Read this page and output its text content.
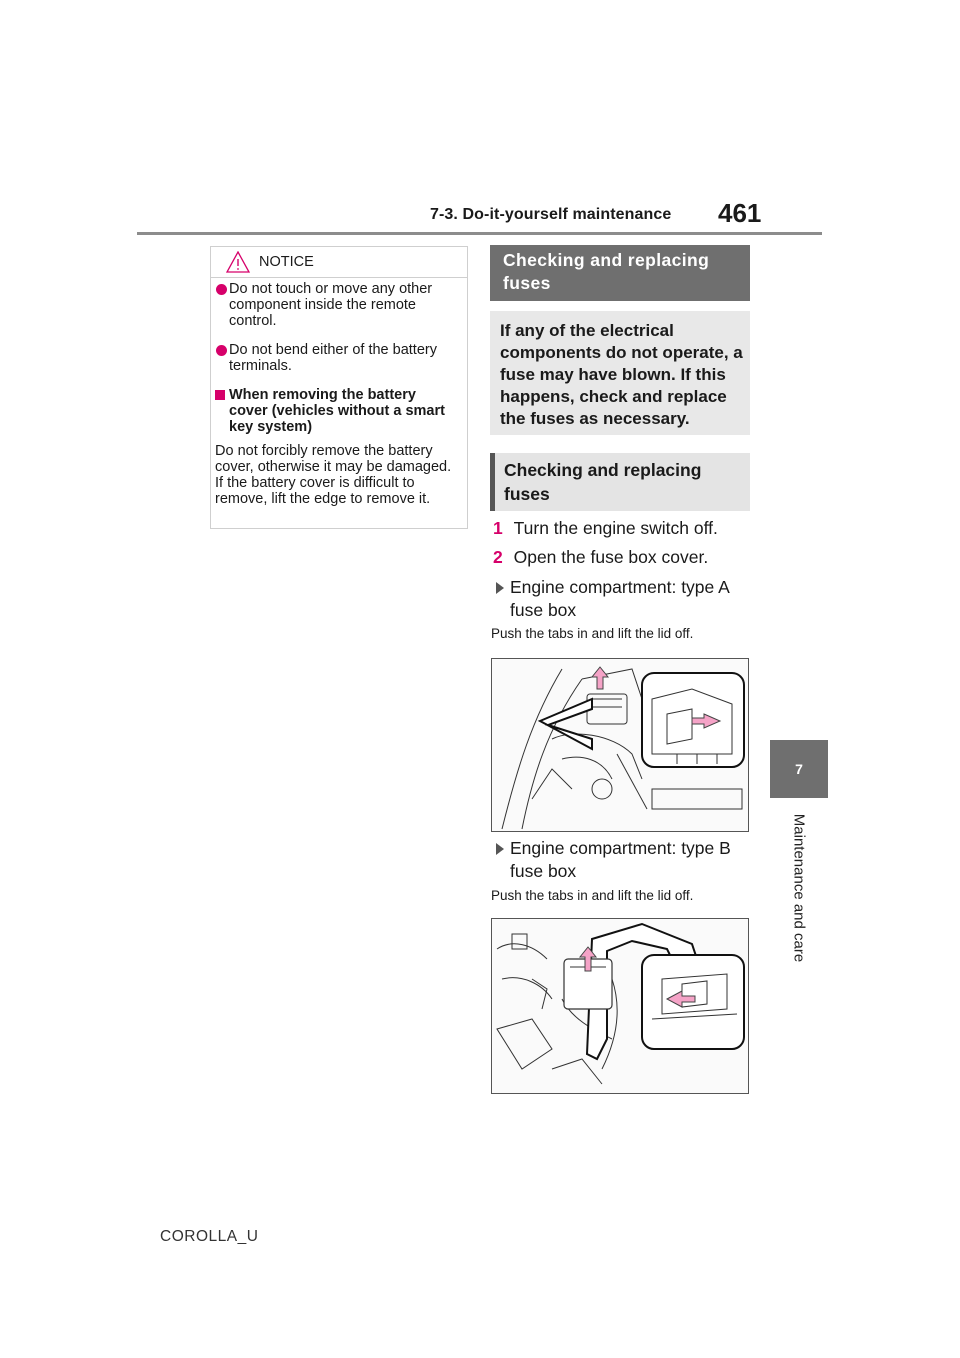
7-3. Do-it-yourself maintenance 461
7
Maintenance and care
NOTICE
Do not touch or move any other component inside the remote control.
Do not bend either of the battery terminals.
When removing the battery cover (vehicles without a smart key system)
Do not forcibly remove the battery cover, otherwise it may be damaged. If the battery cover is difficult to remove, lift the edge to remove it.
Checking and replacing fuses
If any of the electrical components do not operate, a fuse may have blown. If this happens, check and replace the fuses as necessary.
Checking and replacing fuses
1 Turn the engine switch off.
2 Open the fuse box cover.
Engine compartment: type A fuse box
Push the tabs in and lift the lid off.
Engine compartment: type B fuse box
Push the tabs in and lift the lid off.
COROLLA_U
